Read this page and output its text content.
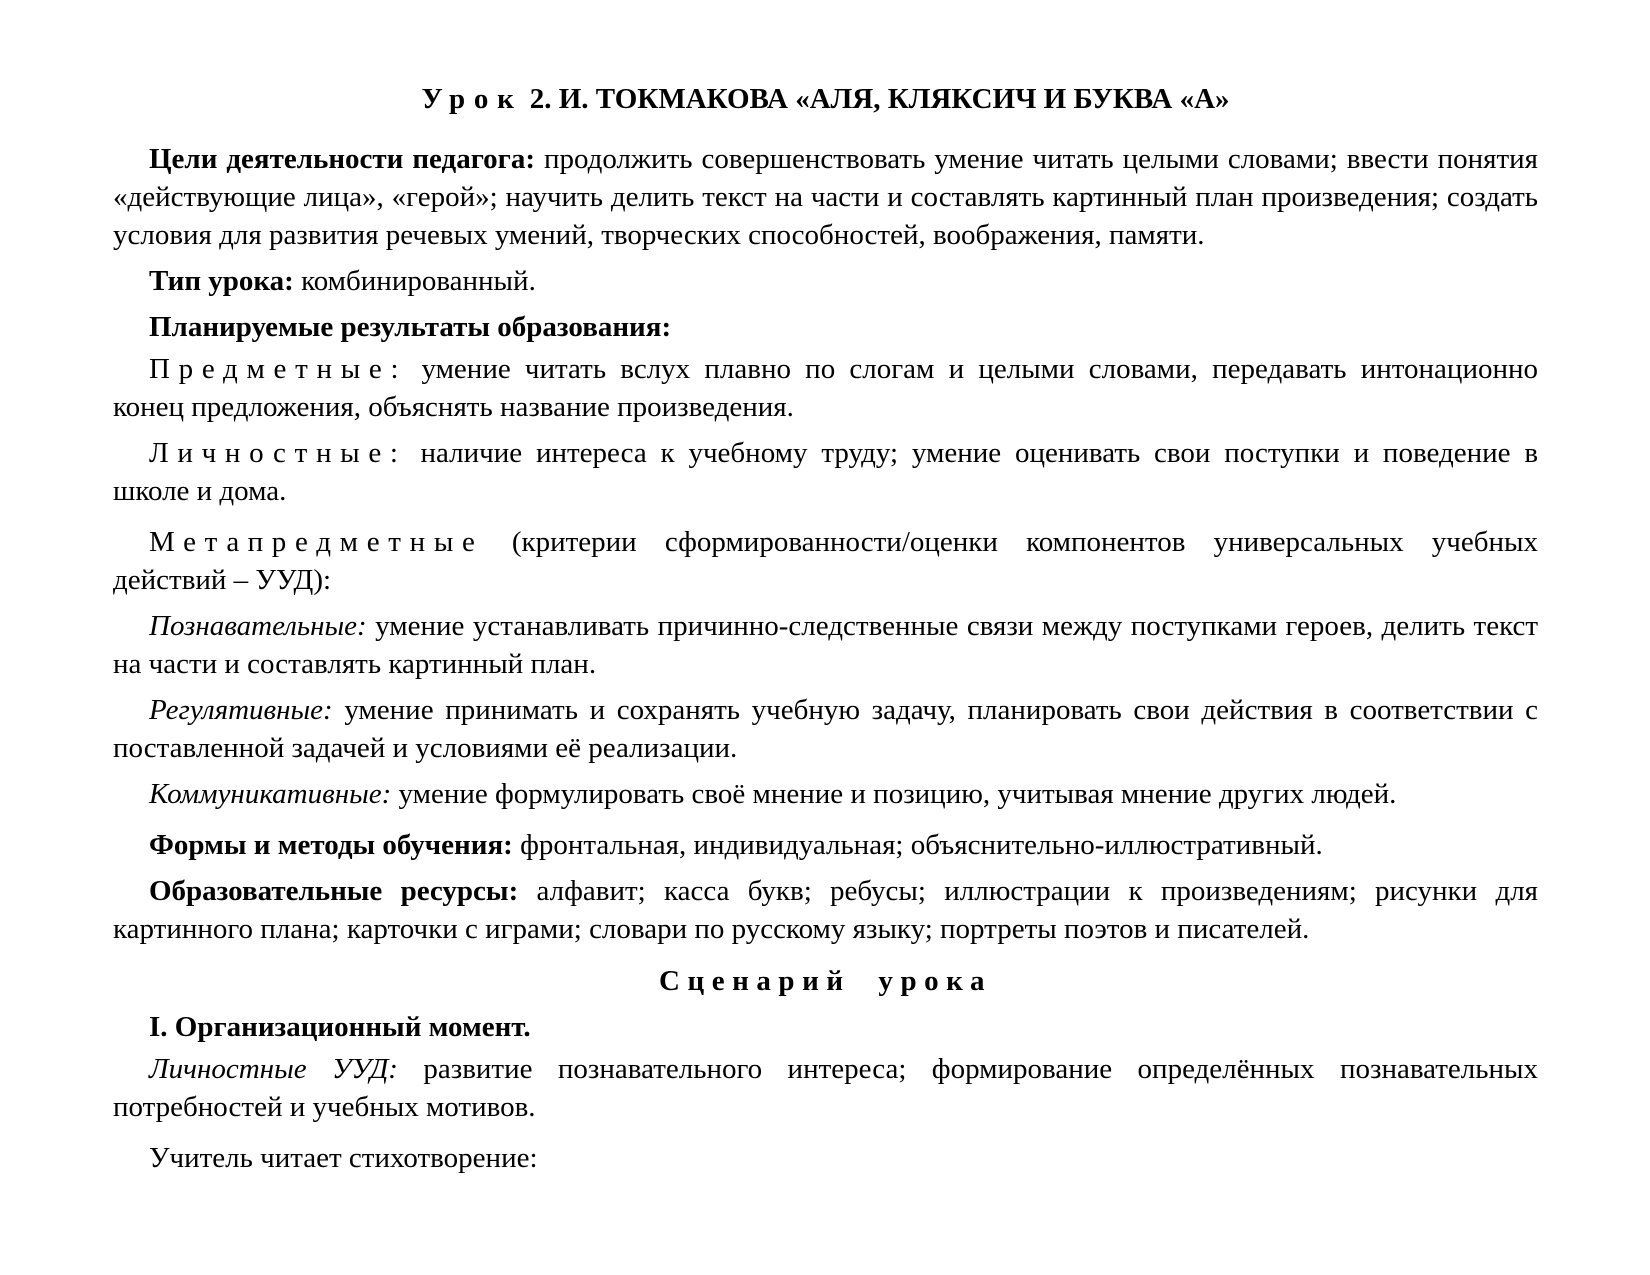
Урок 2. И. ТОКМАКОВА «АЛЯ, КЛЯКСИЧ И БУКВА «А»

Цели деятельности педагога: продолжить совершенствовать умение читать целыми словами; ввести понятия «действующие лица», «герой»; научить делить текст на части и составлять картинный план произведения; создать условия для развития речевых умений, творческих способностей, воображения, памяти.

Тип урока: комбинированный.

Планируемые результаты образования:

Предметные: умение читать вслух плавно по слогам и целыми словами, передавать интонационно конец предложения, объяснять название произведения.

Личностные: наличие интереса к учебному труду; умение оценивать свои поступки и поведение в школе и дома.

Метапредметные (критерии сформированности/оценки компонентов универсальных учебных действий – УУД):

Познавательные: умение устанавливать причинно-следственные связи между поступками героев, делить текст на части и составлять картинный план.

Регулятивные: умение принимать и сохранять учебную задачу, планировать свои действия в соответствии с поставленной задачей и условиями её реализации.

Коммуникативные: умение формулировать своё мнение и позицию, учитывая мнение других людей.

Формы и методы обучения: фронтальная, индивидуальная; объяснительно-иллюстративный.

Образовательные ресурсы: алфавит; касса букв; ребусы; иллюстрации к произведениям; рисунки для картинного плана; карточки с играми; словари по русскому языку; портреты поэтов и писателей.

Сценарий урока

I. Организационный момент.

Личностные УУД: развитие познавательного интереса; формирование определённых познавательных потребностей и учебных мотивов.

Учитель читает стихотворение:
